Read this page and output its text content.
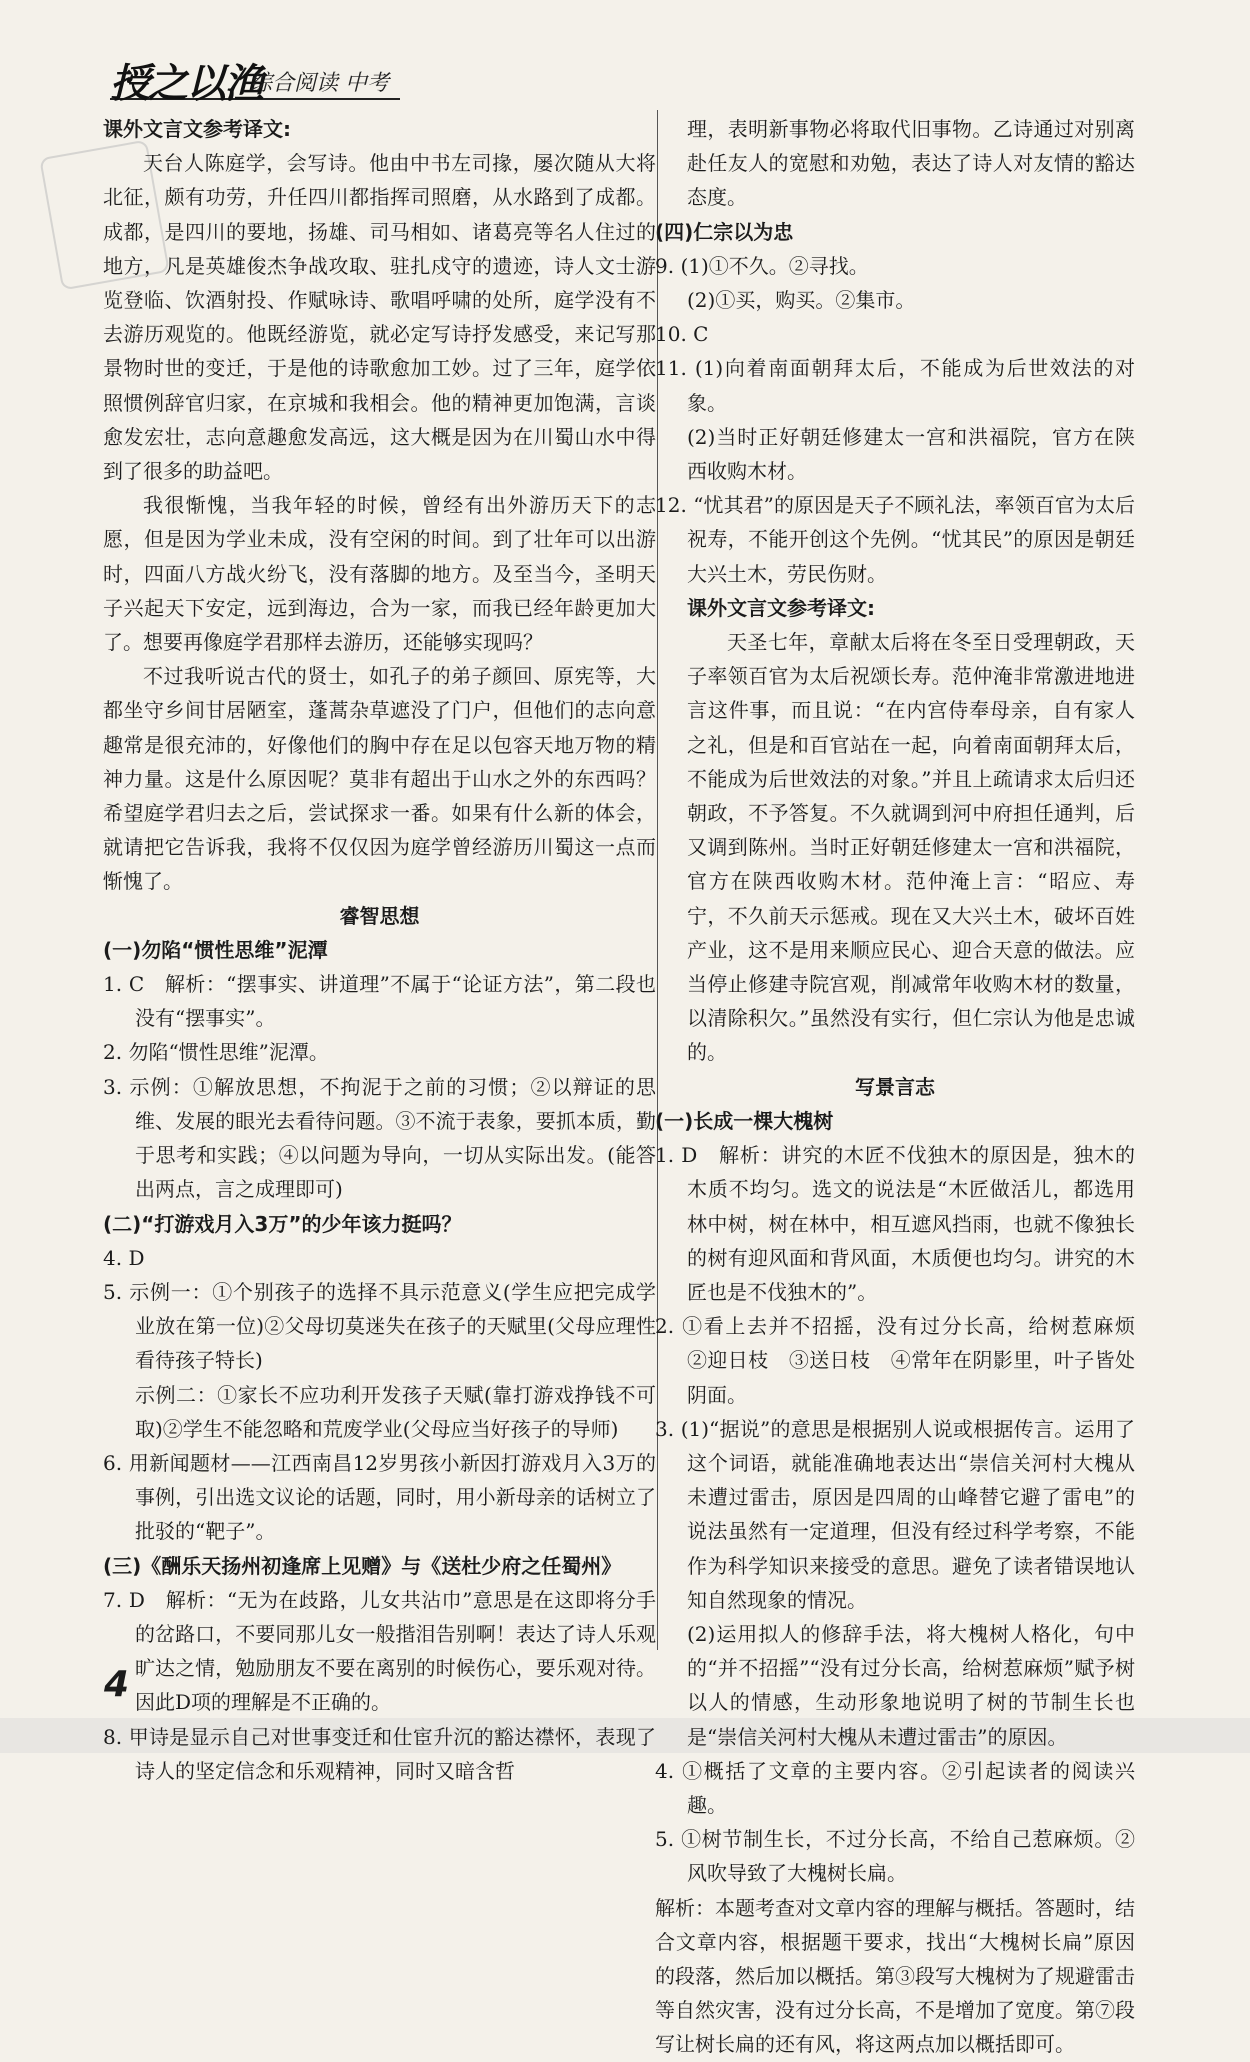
授之以渔
综合阅读 中考

课外文言文参考译文:

天台人陈庭学，会写诗。他由中书左司掾，屡次随从大将北征，颇有功劳，升任四川都指挥司照磨，从水路到了成都。成都，是四川的要地，扬雄、司马相如、诸葛亮等名人住过的地方，凡是英雄俊杰争战攻取、驻扎戍守的遗迹，诗人文士游览登临、饮酒射投、作赋咏诗、歌唱呼啸的处所，庭学没有不去游历观览的。他既经游览，就必定写诗抒发感受，来记写那景物时世的变迁，于是他的诗歌愈加工妙。过了三年，庭学依照惯例辞官归家，在京城和我相会。他的精神更加饱满，言谈愈发宏壮，志向意趣愈发高远，这大概是因为在川蜀山水中得到了很多的助益吧。

我很惭愧，当我年轻的时候，曾经有出外游历天下的志愿，但是因为学业未成，没有空闲的时间。到了壮年可以出游时，四面八方战火纷飞，没有落脚的地方。及至当今，圣明天子兴起天下安定，远到海边，合为一家，而我已经年龄更加大了。想要再像庭学君那样去游历，还能够实现吗？

不过我听说古代的贤士，如孔子的弟子颜回、原宪等，大都坐守乡间甘居陋室，蓬蒿杂草遮没了门户，但他们的志向意趣常是很充沛的，好像他们的胸中存在足以包容天地万物的精神力量。这是什么原因呢？莫非有超出于山水之外的东西吗？希望庭学君归去之后，尝试探求一番。如果有什么新的体会，就请把它告诉我，我将不仅仅因为庭学曾经游历川蜀这一点而惭愧了。

睿智思想

(一)勿陷“惯性思维”泥潭

1. C　解析：“摆事实、讲道理”不属于“论证方法”，第二段也没有“摆事实”。

2. 勿陷“惯性思维”泥潭。

3. 示例：①解放思想，不拘泥于之前的习惯；②以辩证的思维、发展的眼光去看待问题。③不流于表象，要抓本质，勤于思考和实践；④以问题为导向，一切从实际出发。(能答出两点，言之成理即可)

(二)“打游戏月入3万”的少年该力挺吗？

4. D

5. 示例一：①个别孩子的选择不具示范意义(学生应把完成学业放在第一位)②父母切莫迷失在孩子的天赋里(父母应理性看待孩子特长)

示例二：①家长不应功利开发孩子天赋(靠打游戏挣钱不可取)②学生不能忽略和荒废学业(父母应当好孩子的导师)

6. 用新闻题材——江西南昌12岁男孩小新因打游戏月入3万的事例，引出选文议论的话题，同时，用小新母亲的话树立了批驳的“靶子”。

(三)《酬乐天扬州初逢席上见赠》与《送杜少府之任蜀州》

7. D　解析：“无为在歧路，儿女共沾巾”意思是在这即将分手的岔路口，不要同那儿女一般揩泪告别啊！表达了诗人乐观旷达之情，勉励朋友不要在离别的时候伤心，要乐观对待。因此D项的理解是不正确的。

8. 甲诗是显示自己对世事变迁和仕宦升沉的豁达襟怀，表现了诗人的坚定信念和乐观精神，同时又暗含哲

理，表明新事物必将取代旧事物。乙诗通过对别离赴任友人的宽慰和劝勉，表达了诗人对友情的豁达态度。

(四)仁宗以为忠

9. (1)①不久。②寻找。

(2)①买，购买。②集市。

10. C

11. (1)向着南面朝拜太后，不能成为后世效法的对象。

(2)当时正好朝廷修建太一宫和洪福院，官方在陕西收购木材。

12. “忧其君”的原因是天子不顾礼法，率领百官为太后祝寿，不能开创这个先例。“忧其民”的原因是朝廷大兴土木，劳民伤财。

课外文言文参考译文:

天圣七年，章献太后将在冬至日受理朝政，天子率领百官为太后祝颂长寿。范仲淹非常激进地进言这件事，而且说：“在内宫侍奉母亲，自有家人之礼，但是和百官站在一起，向着南面朝拜太后，不能成为后世效法的对象。”并且上疏请求太后归还朝政，不予答复。不久就调到河中府担任通判，后又调到陈州。当时正好朝廷修建太一宫和洪福院，官方在陕西收购木材。范仲淹上言：“昭应、寿宁，不久前天示惩戒。现在又大兴土木，破坏百姓产业，这不是用来顺应民心、迎合天意的做法。应当停止修建寺院宫观，削减常年收购木材的数量，以清除积欠。”虽然没有实行，但仁宗认为他是忠诚的。

写景言志

(一)长成一棵大槐树

1. D　解析：讲究的木匠不伐独木的原因是，独木的木质不均匀。选文的说法是“木匠做活儿，都选用林中树，树在林中，相互遮风挡雨，也就不像独长的树有迎风面和背风面，木质便也均匀。讲究的木匠也是不伐独木的”。

2. ①看上去并不招摇，没有过分长高，给树惹麻烦　②迎日枝　③送日枝　④常年在阴影里，叶子皆处阴面。

3. (1)“据说”的意思是根据别人说或根据传言。运用了这个词语，就能准确地表达出“崇信关河村大槐从未遭过雷击，原因是四周的山峰替它避了雷电”的说法虽然有一定道理，但没有经过科学考察，不能作为科学知识来接受的意思。避免了读者错误地认知自然现象的情况。

(2)运用拟人的修辞手法，将大槐树人格化，句中的“并不招摇”“没有过分长高，给树惹麻烦”赋予树以人的情感，生动形象地说明了树的节制生长也是“崇信关河村大槐从未遭过雷击”的原因。

4. ①概括了文章的主要内容。②引起读者的阅读兴趣。

5. ①树节制生长，不过分长高，不给自己惹麻烦。②风吹导致了大槐树长扁。

解析：本题考查对文章内容的理解与概括。答题时，结合文章内容，根据题干要求，找出“大槐树长扁”原因的段落，然后加以概括。第③段写大槐树为了规避雷击等自然灾害，没有过分长高，不是增加了宽度。第⑦段写让树长扁的还有风，将这两点加以概括即可。

4
